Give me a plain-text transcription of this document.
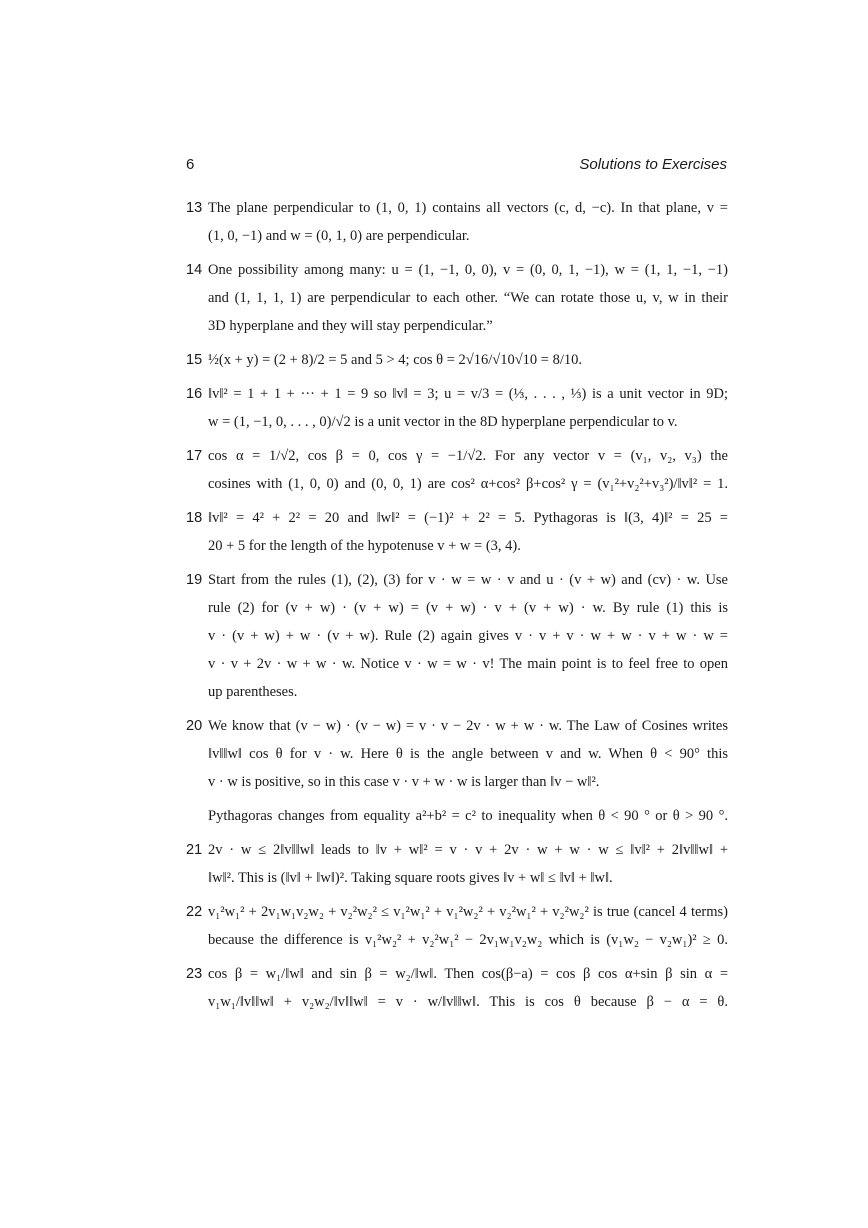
6	Solutions to Exercises
13 The plane perpendicular to (1, 0, 1) contains all vectors (c, d, −c). In that plane, v =
(1, 0, −1) and w = (0, 1, 0) are perpendicular.
14 One possibility among many: u = (1, −1, 0, 0), v = (0, 0, 1, −1), w = (1, 1, −1, −1)
and (1, 1, 1, 1) are perpendicular to each other. “We can rotate those u, v, w in their
3D hyperplane and they will stay perpendicular.”
15 ½(x + y) = (2 + 8)/2 = 5 and 5 > 4; cos θ = 2√16/√10√10 = 8/10.
16 ‖v‖² = 1 + 1 + ··· + 1 = 9 so ‖v‖ = 3; u = v/3 = (⅓, . . . , ⅓) is a unit vector in 9D;
w = (1, −1, 0, . . . , 0)/√2 is a unit vector in the 8D hyperplane perpendicular to v.
17 cos α = 1/√2, cos β = 0, cos γ = −1/√2. For any vector v = (v₁, v₂, v₃) the
cosines with (1, 0, 0) and (0, 0, 1) are cos² α+cos² β+cos² γ = (v₁²+v₂²+v₃²)/‖v‖² = 1.
18 ‖v‖² = 4² + 2² = 20 and ‖w‖² = (−1)² + 2² = 5. Pythagoras is ‖(3, 4)‖² = 25 =
20 + 5 for the length of the hypotenuse v + w = (3, 4).
19 Start from the rules (1), (2), (3) for v · w = w · v and u · (v + w) and (cv) · w. Use
rule (2) for (v + w) · (v + w) = (v + w) · v + (v + w) · w. By rule (1) this is
v · (v + w) + w · (v + w). Rule (2) again gives v · v + v · w + w · v + w · w =
v · v + 2v · w + w · w. Notice v · w = w · v! The main point is to feel free to open
up parentheses.
20 We know that (v − w) · (v − w) = v · v − 2v · w + w · w. The Law of Cosines writes
‖v‖‖w‖ cos θ for v · w. Here θ is the angle between v and w. When θ < 90° this
v · w is positive, so in this case v · v + w · w is larger than ‖v − w‖².
Pythagoras changes from equality a²+b² = c² to inequality when θ < 90 ° or θ > 90 °.
21 2v · w ≤ 2‖v‖‖w‖ leads to ‖v + w‖² = v · v + 2v · w + w · w ≤ ‖v‖² + 2‖v‖‖w‖ +
‖w‖². This is (‖v‖ + ‖w‖)². Taking square roots gives ‖v + w‖ ≤ ‖v‖ + ‖w‖.
22 v₁²w₁² + 2v₁w₁v₂w₂ + v₂²w₂² ≤ v₁²w₁² + v₁²w₂² + v₂²w₁² + v₂²w₂² is true (cancel 4 terms)
because the difference is v₁²w₂² + v₂²w₁² − 2v₁w₁v₂w₂ which is (v₁w₂ − v₂w₁)² ≥ 0.
23 cos β = w₁/‖w‖ and sin β = w₂/‖w‖. Then cos(β−a) = cos β cos α+sin β sin α =
v₁w₁/‖v‖‖w‖ + v₂w₂/‖v‖‖w‖ = v · w/‖v‖‖w‖. This is cos θ because β − α = θ.
